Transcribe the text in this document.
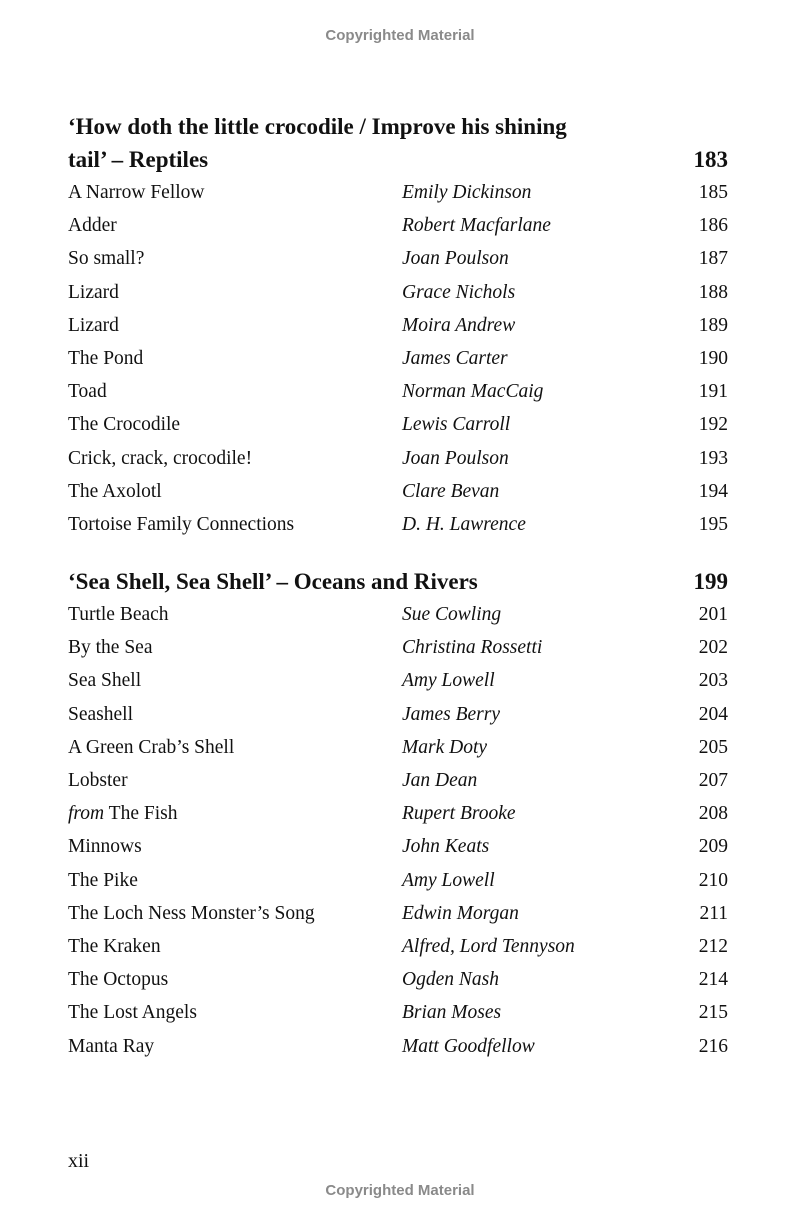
Copyrighted Material
‘How doth the little crocodile / Improve his shining tail’ – Reptiles	183
A Narrow Fellow	Emily Dickinson	185
Adder	Robert Macfarlane	186
So small?	Joan Poulson	187
Lizard	Grace Nichols	188
Lizard	Moira Andrew	189
The Pond	James Carter	190
Toad	Norman MacCaig	191
The Crocodile	Lewis Carroll	192
Crick, crack, crocodile!	Joan Poulson	193
The Axolotl	Clare Bevan	194
Tortoise Family Connections	D. H. Lawrence	195
‘Sea Shell, Sea Shell’ – Oceans and Rivers	199
Turtle Beach	Sue Cowling	201
By the Sea	Christina Rossetti	202
Sea Shell	Amy Lowell	203
Seashell	James Berry	204
A Green Crab’s Shell	Mark Doty	205
Lobster	Jan Dean	207
from The Fish	Rupert Brooke	208
Minnows	John Keats	209
The Pike	Amy Lowell	210
The Loch Ness Monster’s Song	Edwin Morgan	211
The Kraken	Alfred, Lord Tennyson	212
The Octopus	Ogden Nash	214
The Lost Angels	Brian Moses	215
Manta Ray	Matt Goodfellow	216
xii
Copyrighted Material
